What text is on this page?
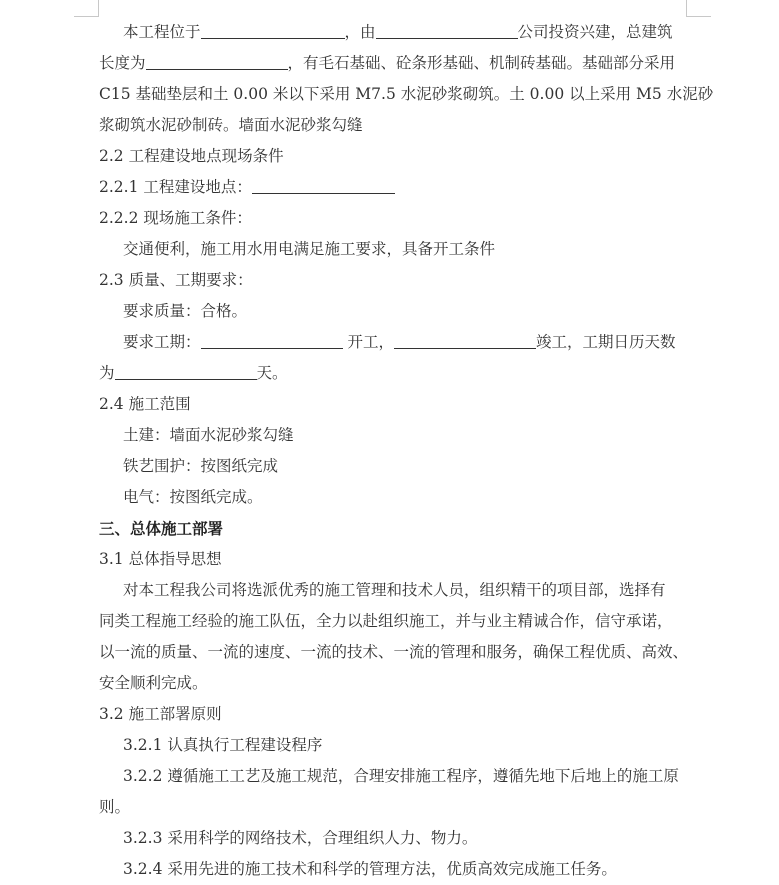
本工程位于	，由	公司投资兴建，总建筑
长度为	，有毛石基础、砼条形基础、机制砖基础。基础部分采用
C15 基础垫层和土 0.00 米以下采用 M7.5 水泥砂浆砌筑。土 0.00 以上采用 M5 水泥砂
浆砌筑水泥砂制砖。墙面水泥砂浆勾缝
2.2 工程建设地点现场条件
2.2.1 工程建设地点：
2.2.2 现场施工条件：
交通便利，施工用水用电满足施工要求，具备开工条件
2.3 质量、工期要求：
要求质量：合格。
要求工期：	开工，	竣工，工期日历天数
为	天。
2.4 施工范围
土建：墙面水泥砂浆勾缝
铁艺围护：按图纸完成
电气：按图纸完成。
三、总体施工部署
3.1 总体指导思想
对本工程我公司将选派优秀的施工管理和技术人员，组织精干的项目部，选择有
同类工程施工经验的施工队伍，全力以赴组织施工，并与业主精诚合作，信守承诺，
以一流的质量、一流的速度、一流的技术、一流的管理和服务，确保工程优质、高效、
安全顺利完成。
3.2 施工部署原则
3.2.1 认真执行工程建设程序
3.2.2 遵循施工工艺及施工规范，合理安排施工程序，遵循先地下后地上的施工原
则。
3.2.3 采用科学的网络技术，合理组织人力、物力。
3.2.4 采用先进的施工技术和科学的管理方法，优质高效完成施工任务。
